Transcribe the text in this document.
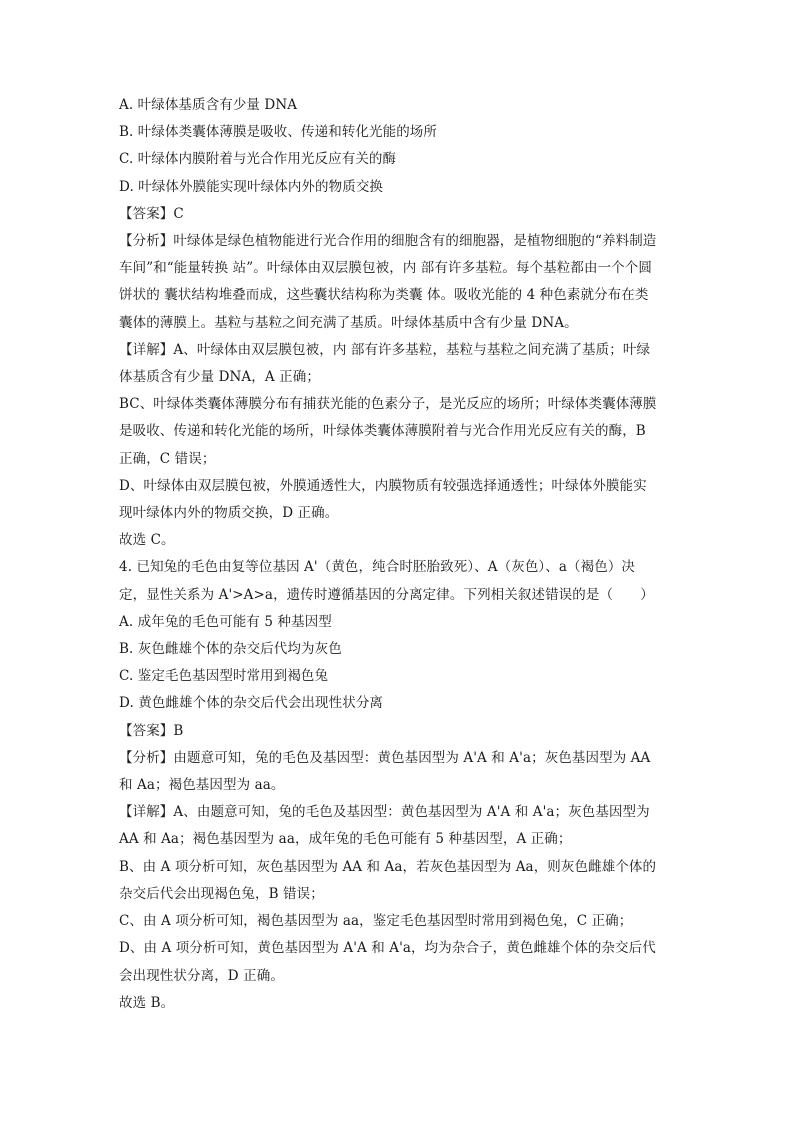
A. 叶绿体基质含有少量 DNA

B. 叶绿体类囊体薄膜是吸收、传递和转化光能的场所

C. 叶绿体内膜附着与光合作用光反应有关的酶

D. 叶绿体外膜能实现叶绿体内外的物质交换

【答案】C

【分析】叶绿体是绿色植物能进行光合作用的细胞含有的细胞器，是植物细胞的“养料制造

车间”和“能量转换 站”。叶绿体由双层膜包被，内 部有许多基粒。每个基粒都由一个个圆

饼状的 囊状结构堆叠而成，这些囊状结构称为类囊 体。吸收光能的 4 种色素就分布在类

囊体的薄膜上。基粒与基粒之间充满了基质。叶绿体基质中含有少量 DNA。

【详解】A、叶绿体由双层膜包被，内 部有许多基粒，基粒与基粒之间充满了基质；叶绿

体基质含有少量 DNA，A 正确；

BC、叶绿体类囊体薄膜分布有捕获光能的色素分子，是光反应的场所；叶绿体类囊体薄膜

是吸收、传递和转化光能的场所，叶绿体类囊体薄膜附着与光合作用光反应有关的酶，B

正确，C 错误；

D、叶绿体由双层膜包被，外膜通透性大，内膜物质有较强选择通透性；叶绿体外膜能实

现叶绿体内外的物质交换，D 正确。

故选 C。

4. 已知兔的毛色由复等位基因 A'（黄色，纯合时胚胎致死）、A（灰色）、a（褐色）决

定，显性关系为 A'>A>a，遗传时遵循基因的分离定律。下列相关叙述错误的是（　　）

A. 成年兔的毛色可能有 5 种基因型

B. 灰色雌雄个体的杂交后代均为灰色

C. 鉴定毛色基因型时常用到褐色兔

D. 黄色雌雄个体的杂交后代会出现性状分离

【答案】B

【分析】由题意可知，兔的毛色及基因型：黄色基因型为 A'A 和 A'a；灰色基因型为 AA

和 Aa；褐色基因型为 aa。

【详解】A、由题意可知，兔的毛色及基因型：黄色基因型为 A'A 和 A'a；灰色基因型为

AA 和 Aa；褐色基因型为 aa，成年兔的毛色可能有 5 种基因型，A 正确；

B、由 A 项分析可知，灰色基因型为 AA 和 Aa，若灰色基因型为 Aa，则灰色雌雄个体的

杂交后代会出现褐色兔，B 错误；

C、由 A 项分析可知，褐色基因型为 aa，鉴定毛色基因型时常用到褐色兔，C 正确；

D、由 A 项分析可知，黄色基因型为 A'A 和 A'a，均为杂合子，黄色雌雄个体的杂交后代

会出现性状分离，D 正确。

故选 B。
